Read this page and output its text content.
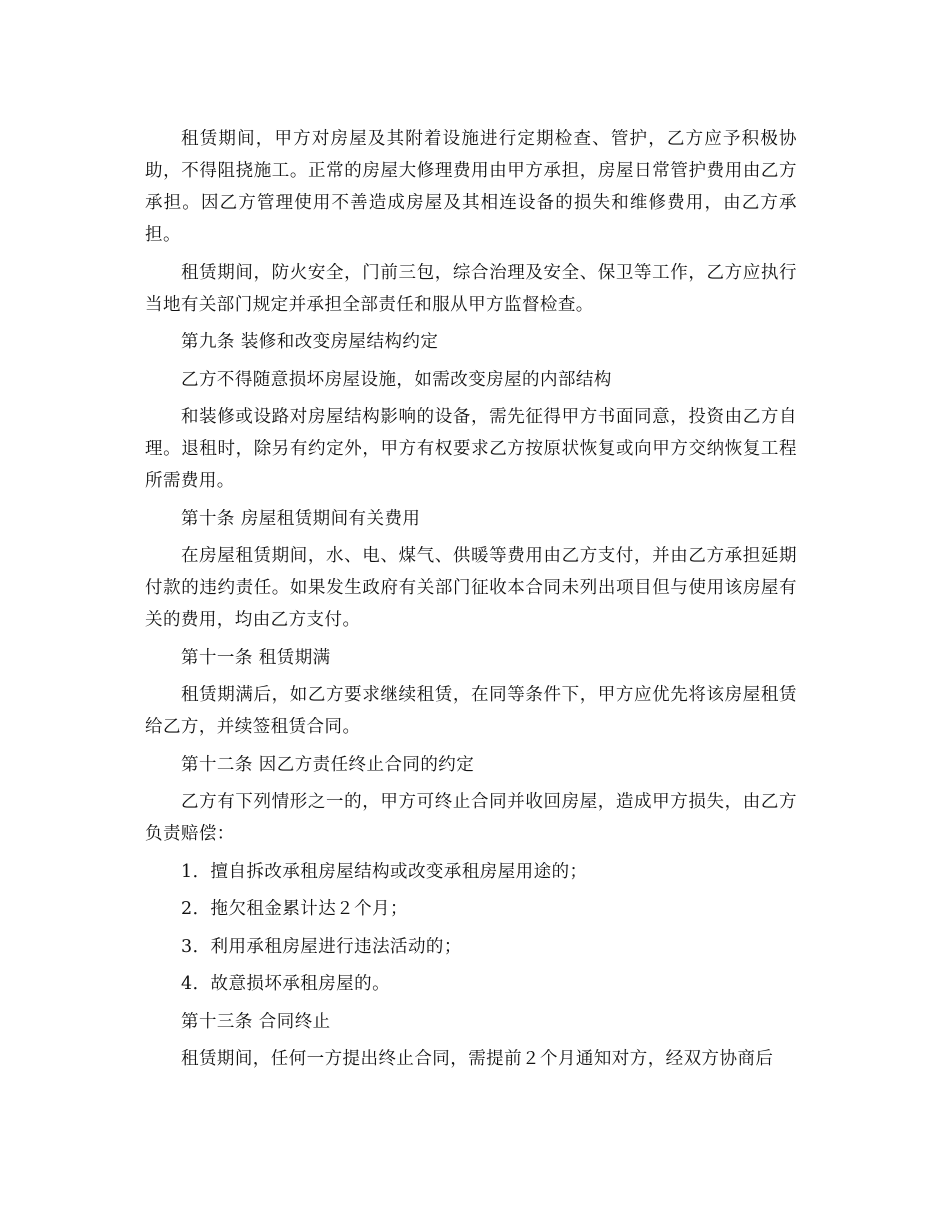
租赁期间，甲方对房屋及其附着设施进行定期检查、管护，乙方应予积极协助，不得阻挠施工。正常的房屋大修理费用由甲方承担，房屋日常管护费用由乙方承担。因乙方管理使用不善造成房屋及其相连设备的损失和维修费用，由乙方承担。

租赁期间，防火安全，门前三包，综合治理及安全、保卫等工作，乙方应执行当地有关部门规定并承担全部责任和服从甲方监督检查。

第九条 装修和改变房屋结构约定

乙方不得随意损坏房屋设施，如需改变房屋的内部结构

和装修或设路对房屋结构影响的设备，需先征得甲方书面同意，投资由乙方自理。退租时，除另有约定外，甲方有权要求乙方按原状恢复或向甲方交纳恢复工程所需费用。

第十条 房屋租赁期间有关费用

在房屋租赁期间，水、电、煤气、供暖等费用由乙方支付，并由乙方承担延期付款的违约责任。如果发生政府有关部门征收本合同未列出项目但与使用该房屋有关的费用，均由乙方支付。

第十一条 租赁期满

租赁期满后，如乙方要求继续租赁，在同等条件下，甲方应优先将该房屋租赁给乙方，并续签租赁合同。

第十二条 因乙方责任终止合同的约定

乙方有下列情形之一的，甲方可终止合同并收回房屋，造成甲方损失，由乙方负责赔偿：

1．擅自拆改承租房屋结构或改变承租房屋用途的；

2．拖欠租金累计达２个月；

3．利用承租房屋进行违法活动的；

4．故意损坏承租房屋的。

第十三条 合同终止

租赁期间，任何一方提出终止合同，需提前２个月通知对方，经双方协商后
